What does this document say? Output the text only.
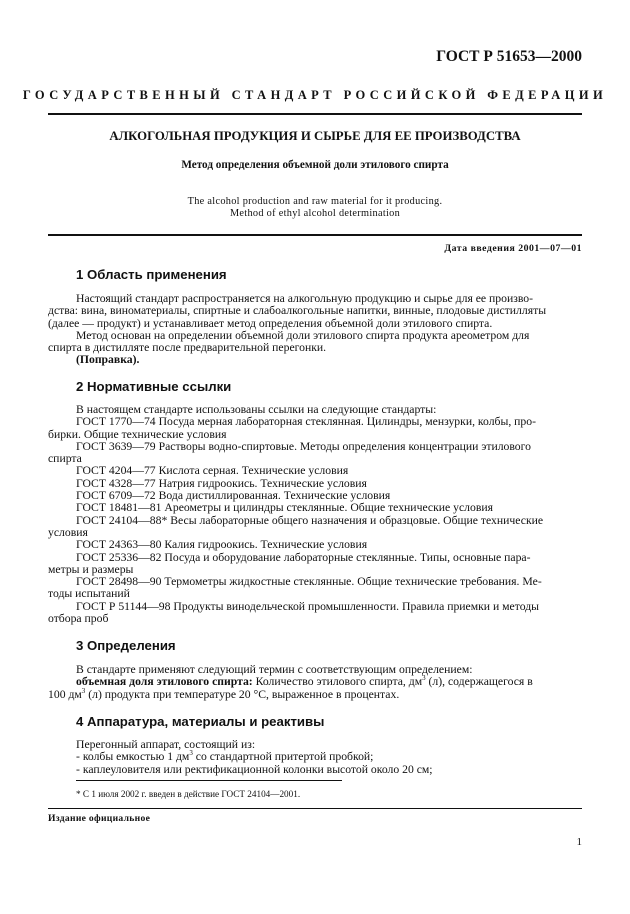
ГОСТ Р 51653—2000
ГОСУДАРСТВЕННЫЙ СТАНДАРТ РОССИЙСКОЙ ФЕДЕРАЦИИ
АЛКОГОЛЬНАЯ ПРОДУКЦИЯ И СЫРЬЕ ДЛЯ ЕЕ ПРОИЗВОДСТВА
Метод определения объемной доли этилового спирта
The alcohol production and raw material for it producing.
Method of ethyl alcohol determination
Дата введения 2001—07—01
1 Область применения
Настоящий стандарт распространяется на алкогольную продукцию и сырье для ее произво-
дства: вина, виноматериалы, спиртные и слабоалкогольные напитки, винные, плодовые дистилляты
(далее — продукт) и устанавливает метод определения объемной доли этилового спирта.
Метод основан на определении объемной доли этилового спирта продукта ареометром для
спирта в дистилляте после предварительной перегонки.
(Поправка).
2 Нормативные ссылки
В настоящем стандарте использованы ссылки на следующие стандарты:
ГОСТ 1770—74 Посуда мерная лабораторная стеклянная. Цилиндры, мензурки, колбы, про-
бирки. Общие технические условия
ГОСТ 3639—79 Растворы водно-спиртовые. Методы определения концентрации этилового
спирта
ГОСТ 4204—77 Кислота серная. Технические условия
ГОСТ 4328—77 Натрия гидроокись. Технические условия
ГОСТ 6709—72 Вода дистиллированная. Технические условия
ГОСТ 18481—81 Ареометры и цилиндры стеклянные. Общие технические условия
ГОСТ 24104—88* Весы лабораторные общего назначения и образцовые. Общие технические
условия
ГОСТ 24363—80 Калия гидроокись. Технические условия
ГОСТ 25336—82 Посуда и оборудование лабораторные стеклянные. Типы, основные пара-
метры и размеры
ГОСТ 28498—90 Термометры жидкостные стеклянные. Общие технические требования. Ме-
тоды испытаний
ГОСТ Р 51144—98 Продукты винодельческой промышленности. Правила приемки и методы
отбора проб
3 Определения
В стандарте применяют следующий термин с соответствующим определением:
объемная доля этилового спирта: Количество этилового спирта, $дм^3$ (л), содержащегося в
100 $дм^3$ (л) продукта при температуре 20 °С, выраженное в процентах.
4 Аппаратура, материалы и реактивы
Перегонный аппарат, состоящий из:
- колбы емкостью 1 $дм^3$ со стандартной притертой пробкой;
- каплеуловителя или ректификационной колонки высотой около 20 см;
* С 1 июля 2002 г. введен в действие ГОСТ 24104—2001.
Издание официальное
1
